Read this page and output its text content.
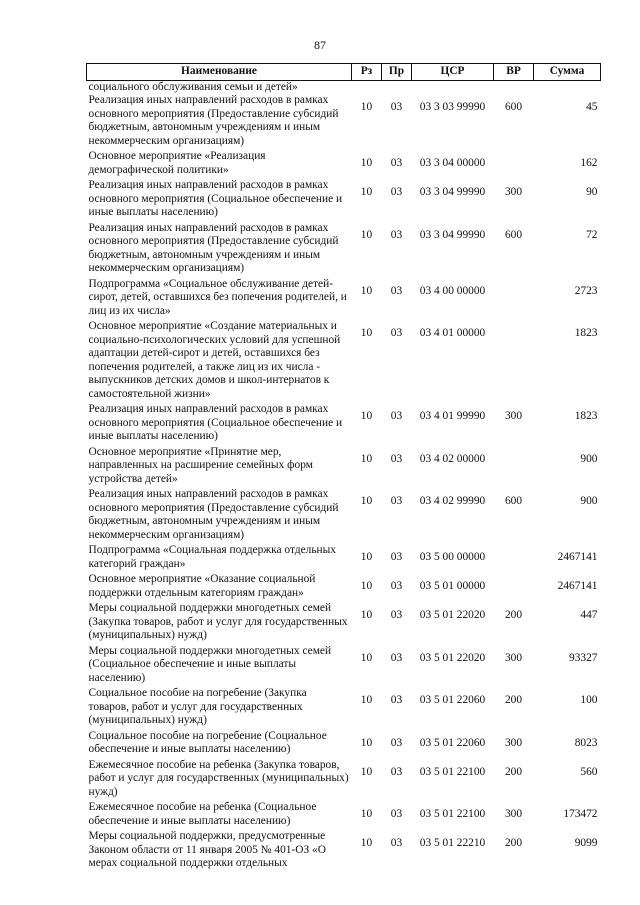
87
Наименование	Рз	Пр	ЦСР	ВР	Сумма
социального обслуживания семьи и детей»					
Реализация иных направлений расходов в рамках основного мероприятия (Предоставление субсидий бюджетным, автономным учреждениям и иным некоммерческим организациям)	10	03	03 3 03 99990	600	45
Основное мероприятие «Реализация демографической политики»	10	03	03 3 04 00000		162
Реализация иных направлений расходов в рамках основного мероприятия (Социальное обеспечение и иные выплаты населению)	10	03	03 3 04 99990	300	90
Реализация иных направлений расходов в рамках основного мероприятия (Предоставление субсидий бюджетным, автономным учреждениям и иным некоммерческим организациям)	10	03	03 3 04 99990	600	72
Подпрограмма «Социальное обслуживание детей-сирот, детей, оставшихся без попечения родителей, и лиц из их числа»	10	03	03 4 00 00000		2723
Основное мероприятие «Создание материальных и социально-психологических условий для успешной адаптации детей-сирот и детей, оставшихся без попечения родителей, а также лиц из их числа - выпускников детских домов и школ-интернатов к самостоятельной жизни»	10	03	03 4 01 00000		1823
Реализация иных направлений расходов в рамках основного мероприятия (Социальное обеспечение и иные выплаты населению)	10	03	03 4 01 99990	300	1823
Основное мероприятие «Принятие мер, направленных на расширение семейных форм устройства детей»	10	03	03 4 02 00000		900
Реализация иных направлений расходов в рамках основного мероприятия (Предоставление субсидий бюджетным, автономным учреждениям и иным некоммерческим организациям)	10	03	03 4 02 99990	600	900
Подпрограмма «Социальная поддержка отдельных категорий граждан»	10	03	03 5 00 00000		2467141
Основное мероприятие «Оказание социальной поддержки отдельным категориям граждан»	10	03	03 5 01 00000		2467141
Меры социальной поддержки многодетных семей (Закупка товаров, работ и услуг для государственных (муниципальных) нужд)	10	03	03 5 01 22020	200	447
Меры социальной поддержки многодетных семей (Социальное обеспечение и иные выплаты населению)	10	03	03 5 01 22020	300	93327
Социальное пособие на погребение (Закупка товаров, работ и услуг для государственных (муниципальных) нужд)	10	03	03 5 01 22060	200	100
Социальное пособие на погребение (Социальное обеспечение и иные выплаты населению)	10	03	03 5 01 22060	300	8023
Ежемесячное пособие на ребенка (Закупка товаров, работ и услуг для государственных (муниципальных) нужд)	10	03	03 5 01 22100	200	560
Ежемесячное пособие на ребенка (Социальное обеспечение и иные выплаты населению)	10	03	03 5 01 22100	300	173472
Меры социальной поддержки, предусмотренные Законом области от 11 января 2005 № 401-ОЗ «О мерах социальной поддержки отдельных	10	03	03 5 01 22210	200	9099
